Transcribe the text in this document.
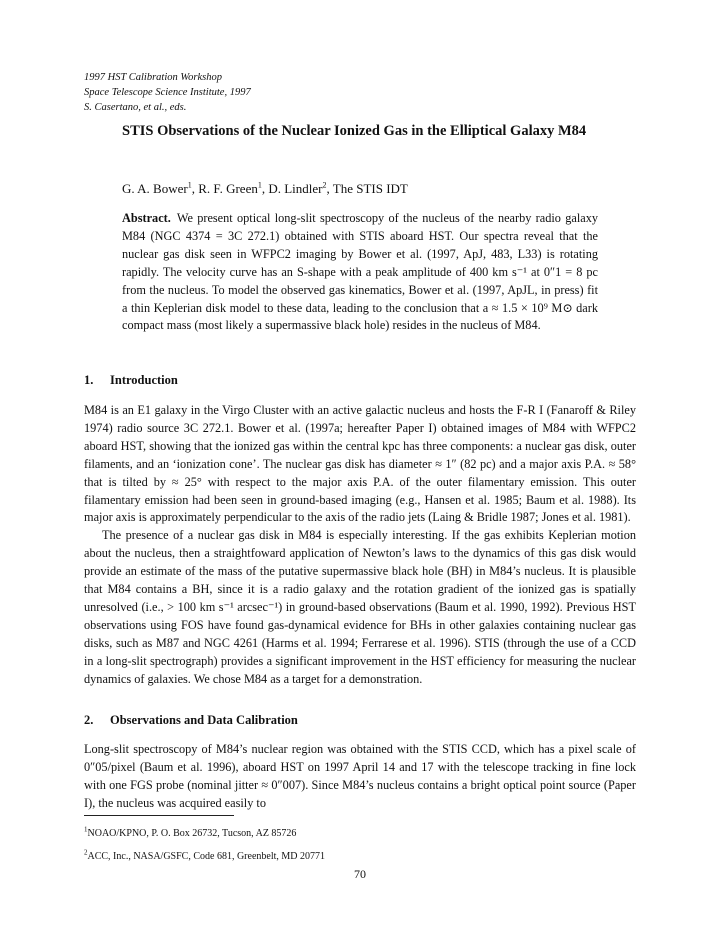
1997 HST Calibration Workshop
Space Telescope Science Institute, 1997
S. Casertano, et al., eds.
STIS Observations of the Nuclear Ionized Gas in the Elliptical Galaxy M84
G. A. Bower$^1$, R. F. Green$^1$, D. Lindler$^2$, The STIS IDT
Abstract. We present optical long-slit spectroscopy of the nucleus of the nearby radio galaxy M84 (NGC 4374 = 3C 272.1) obtained with STIS aboard HST. Our spectra reveal that the nuclear gas disk seen in WFPC2 imaging by Bower et al. (1997, ApJ, 483, L33) is rotating rapidly. The velocity curve has an S-shape with a peak amplitude of 400 km s⁻¹ at 0″1 = 8 pc from the nucleus. To model the observed gas kinematics, Bower et al. (1997, ApJL, in press) fit a thin Keplerian disk model to these data, leading to the conclusion that a ≈ 1.5 × 10⁹ M⊙ dark compact mass (most likely a supermassive black hole) resides in the nucleus of M84.
1. Introduction

M84 is an E1 galaxy in the Virgo Cluster with an active galactic nucleus and hosts the F-R I (Fanaroff & Riley 1974) radio source 3C 272.1. Bower et al. (1997a; hereafter Paper I) obtained images of M84 with WFPC2 aboard HST, showing that the ionized gas within the central kpc has three components: a nuclear gas disk, outer filaments, and an ‘ionization cone’. The nuclear gas disk has diameter ≈ 1″ (82 pc) and a major axis P.A. ≈ 58° that is tilted by ≈ 25° with respect to the major axis P.A. of the outer filamentary emission. This outer filamentary emission had been seen in ground-based imaging (e.g., Hansen et al. 1985; Baum et al. 1988). Its major axis is approximately perpendicular to the axis of the radio jets (Laing & Bridle 1987; Jones et al. 1981).

The presence of a nuclear gas disk in M84 is especially interesting. If the gas exhibits Keplerian motion about the nucleus, then a straightfoward application of Newton’s laws to the dynamics of this gas disk would provide an estimate of the mass of the putative supermassive black hole (BH) in M84’s nucleus. It is plausible that M84 contains a BH, since it is a radio galaxy and the rotation gradient of the ionized gas is spatially unresolved (i.e., > 100 km s⁻¹ arcsec⁻¹) in ground-based observations (Baum et al. 1990, 1992). Previous HST observations using FOS have found gas-dynamical evidence for BHs in other galaxies containing nuclear gas disks, such as M87 and NGC 4261 (Harms et al. 1994; Ferrarese et al. 1996). STIS (through the use of a CCD in a long-slit spectrograph) provides a significant improvement in the HST efficiency for measuring the nuclear dynamics of galaxies. We chose M84 as a target for a demonstration.

2. Observations and Data Calibration

Long-slit spectroscopy of M84’s nuclear region was obtained with the STIS CCD, which has a pixel scale of 0″05/pixel (Baum et al. 1996), aboard HST on 1997 April 14 and 17 with the telescope tracking in fine lock with one FGS probe (nominal jitter ≈ 0″007). Since M84’s nucleus contains a bright optical point source (Paper I), the nucleus was acquired easily to

$^1$NOAO/KPNO, P. O. Box 26732, Tucson, AZ 85726
$^2$ACC, Inc., NASA/GSFC, Code 681, Greenbelt, MD 20771
70
